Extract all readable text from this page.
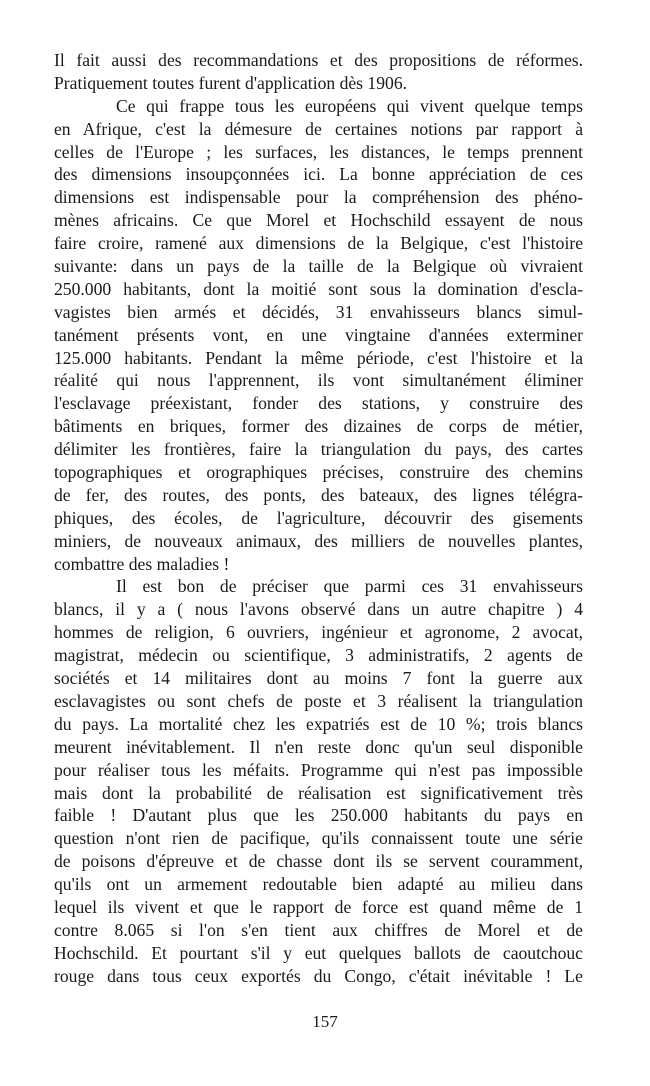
Il fait aussi des recommandations et des propositions de réformes.
Pratiquement toutes furent d'application dès 1906.
Ce qui frappe tous les européens qui vivent quelque temps
en Afrique, c'est la démesure de certaines notions par rapport à
celles de l'Europe ; les surfaces, les distances, le temps prennent
des dimensions insoupçonnées ici. La bonne appréciation de ces
dimensions est indispensable pour la compréhension des phéno-
mènes africains. Ce que Morel et Hochschild essayent de nous
faire croire, ramené aux dimensions de la Belgique, c'est l'histoire
suivante: dans un pays de la taille de la Belgique où vivraient
250.000 habitants, dont la moitié sont sous la domination d'escla-
vagistes bien armés et décidés, 31 envahisseurs blancs simul-
tanément présents vont, en une vingtaine d'années exterminer
125.000 habitants. Pendant la même période, c'est l'histoire et la
réalité qui nous l'apprennent, ils vont simultanément éliminer
l'esclavage préexistant, fonder des stations, y construire des
bâtiments en briques, former des dizaines de corps de métier,
délimiter les frontières, faire la triangulation du pays, des cartes
topographiques et orographiques précises, construire des chemins
de fer, des routes, des ponts, des bateaux, des lignes télégra-
phiques, des écoles, de l'agriculture, découvrir des gisements
miniers, de nouveaux animaux, des milliers de nouvelles plantes,
combattre des maladies !
Il est bon de préciser que parmi ces 31 envahisseurs
blancs, il y a ( nous l'avons observé dans un autre chapitre ) 4
hommes de religion, 6 ouvriers, ingénieur et agronome, 2 avocat,
magistrat, médecin ou scientifique, 3 administratifs, 2 agents de
sociétés et 14 militaires dont au moins 7 font la guerre aux
esclavagistes ou sont chefs de poste et 3 réalisent la triangulation
du pays. La mortalité chez les expatriés est de 10 %; trois blancs
meurent inévitablement. Il n'en reste donc qu'un seul disponible
pour réaliser tous les méfaits. Programme qui n'est pas impossible
mais dont la probabilité de réalisation est significativement très
faible ! D'autant plus que les 250.000 habitants du pays en
question n'ont rien de pacifique, qu'ils connaissent toute une série
de poisons d'épreuve et de chasse dont ils se servent couramment,
qu'ils ont un armement redoutable bien adapté au milieu dans
lequel ils vivent et que le rapport de force est quand même de 1
contre 8.065 si l'on s'en tient aux chiffres de Morel et de
Hochschild. Et pourtant s'il y eut quelques ballots de caoutchouc
rouge dans tous ceux exportés du Congo, c'était inévitable ! Le
157
